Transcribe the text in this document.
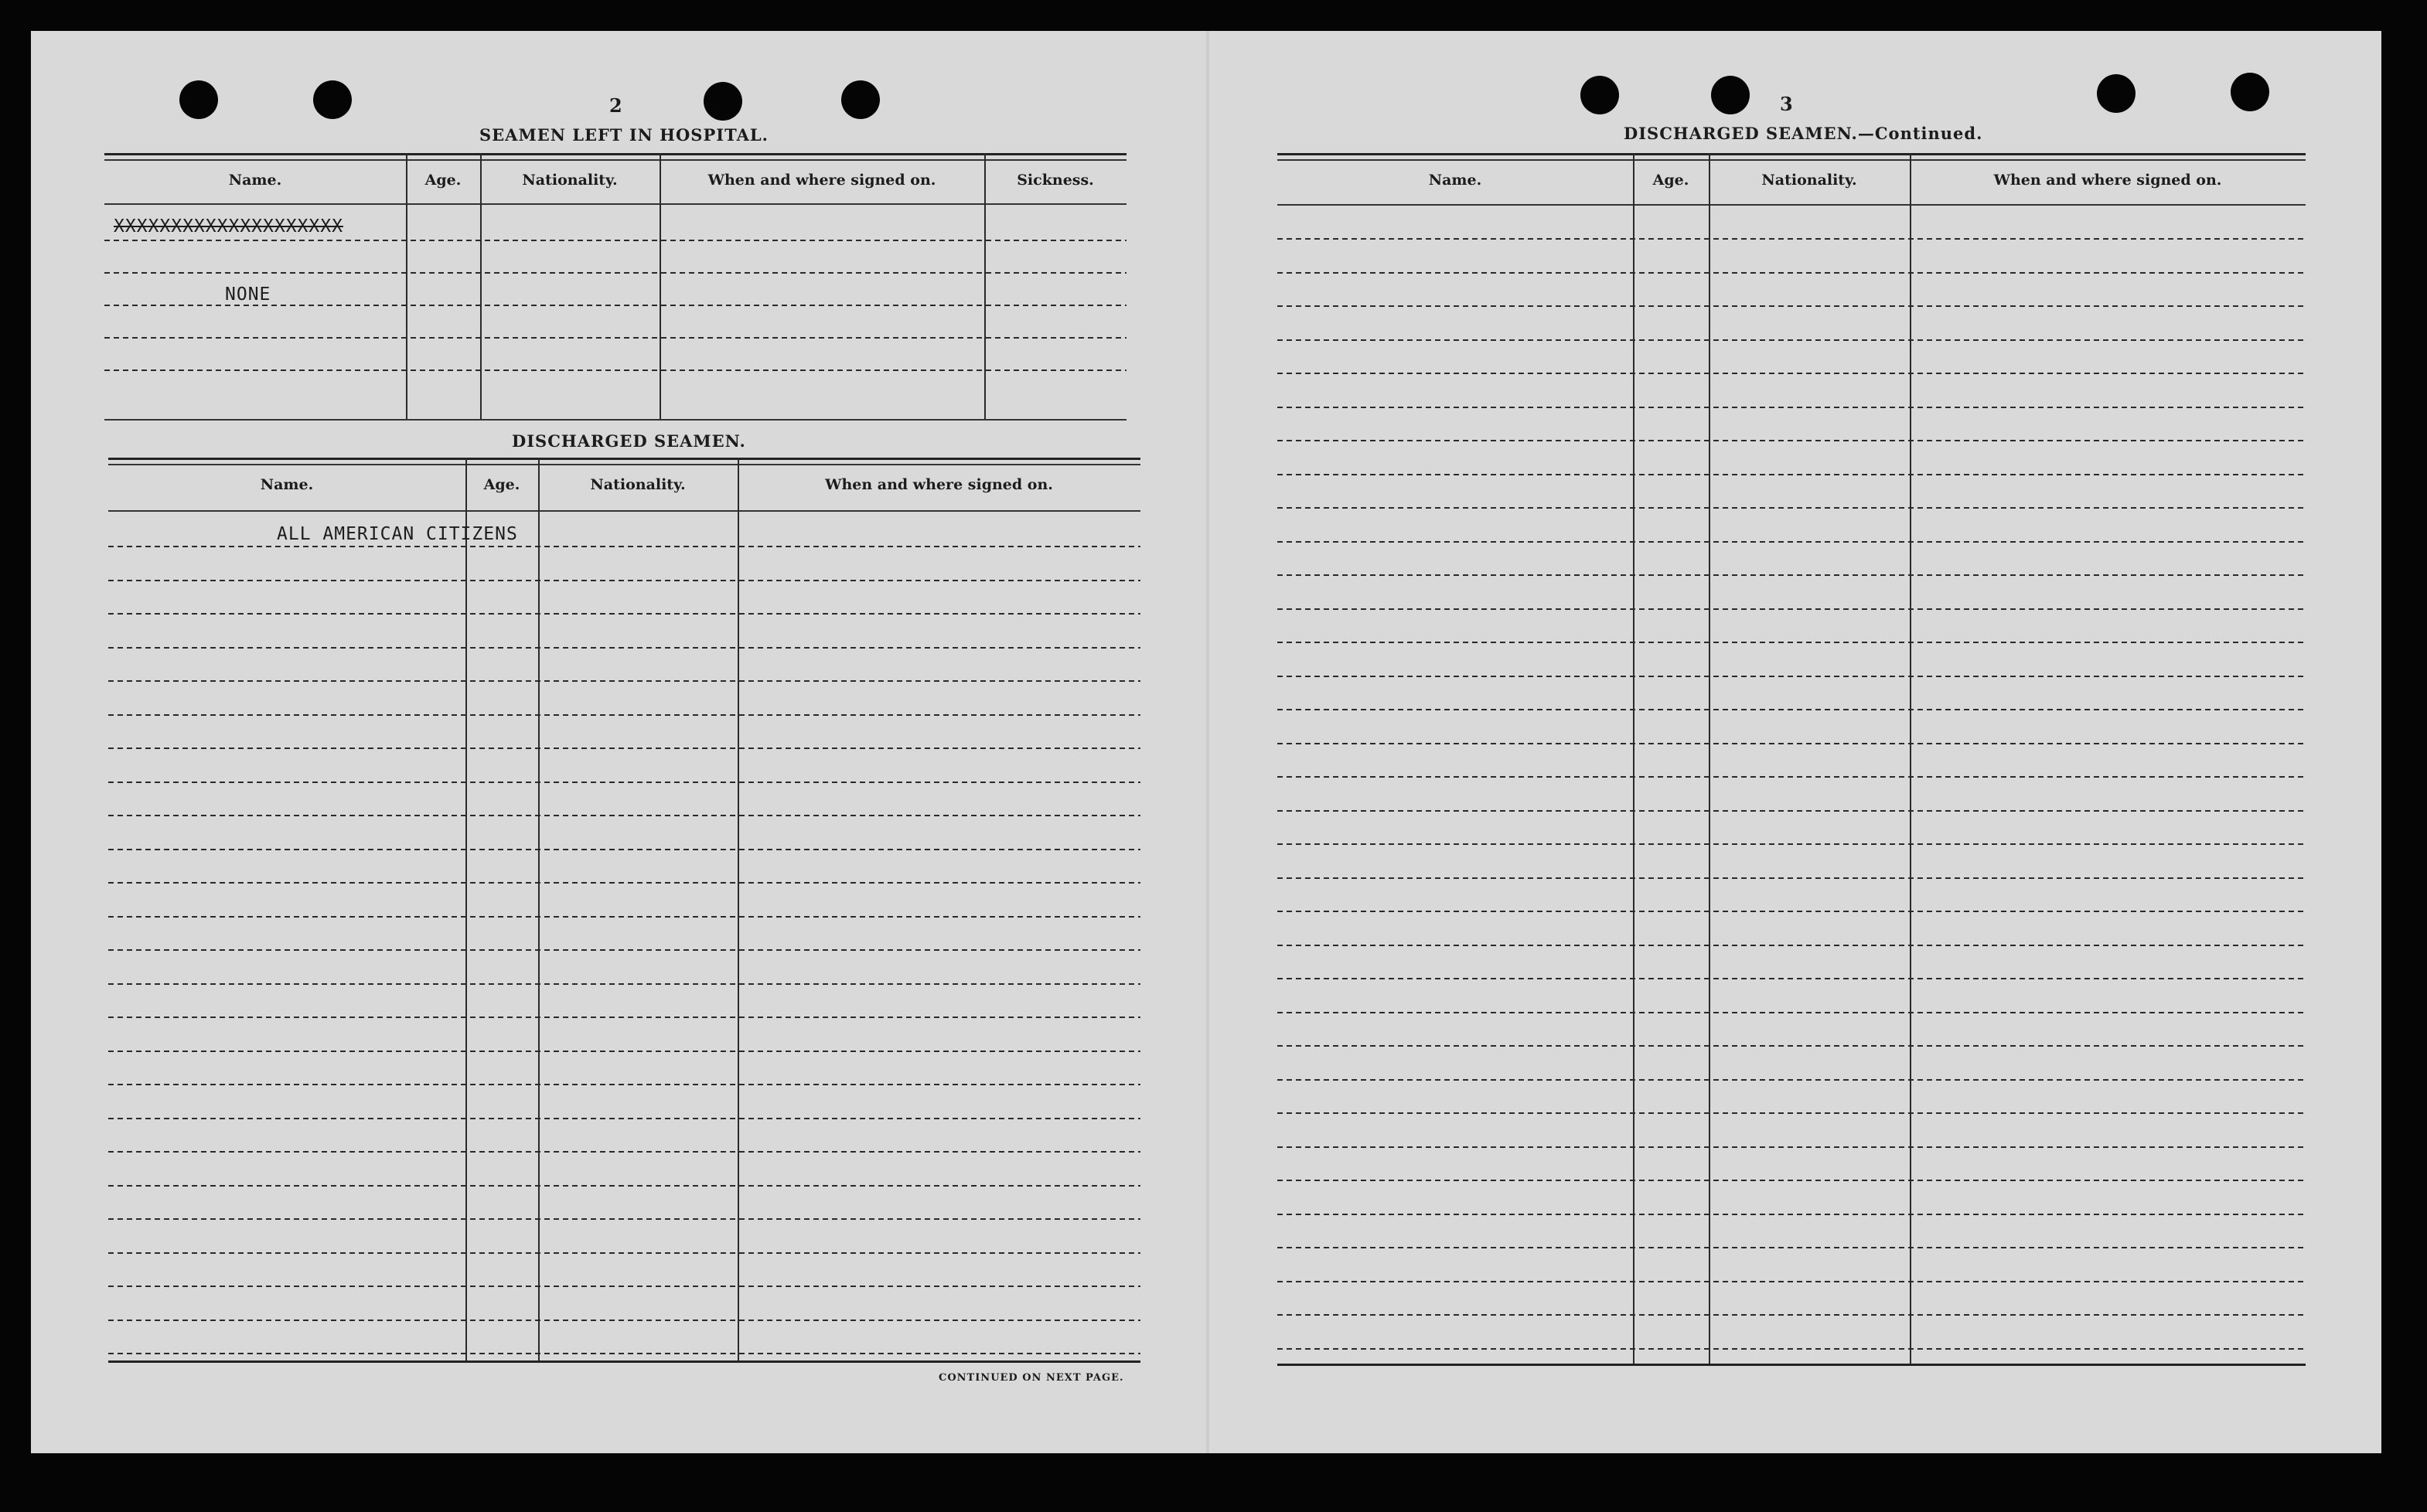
2
SEAMEN LEFT IN HOSPITAL.
Name.	Age.	Nationality.	When and where signed on.	Sickness.
XXXXXXXXXXXXXXXXXXXX
NONE
DISCHARGED SEAMEN.
Name.	Age.	Nationality.	When and where signed on.
ALL AMERICAN CITIZENS
CONTINUED ON NEXT PAGE.
3
DISCHARGED SEAMEN.—Continued.
Name.	Age.	Nationality.	When and where signed on.
